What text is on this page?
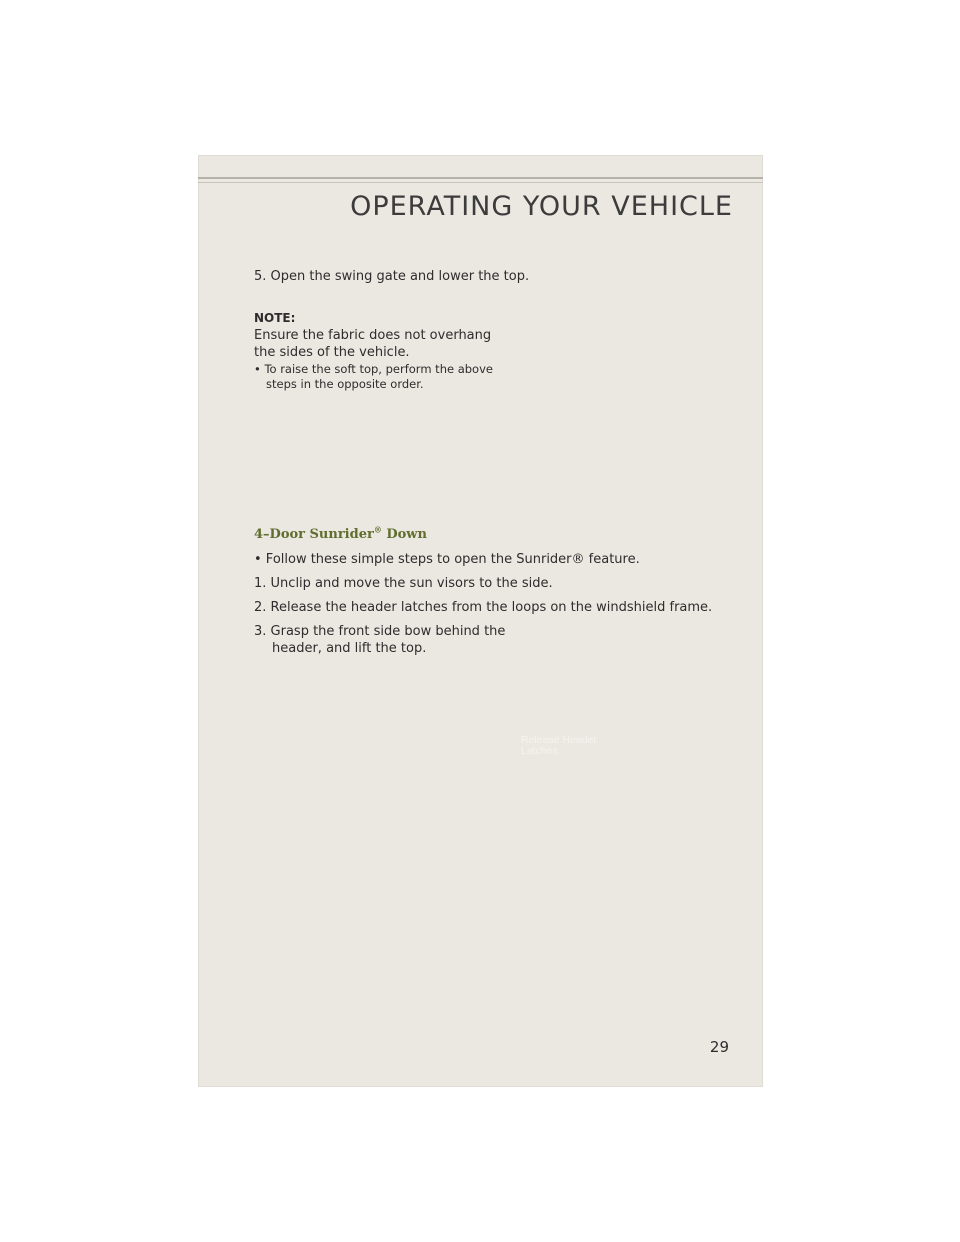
OPERATING YOUR VEHICLE
5. Open the swing gate and lower the top.
NOTE:
Ensure the fabric does not overhang the sides of the vehicle.
• To raise the soft top, perform the above
steps in the opposite order.
4–Door Sunrider® Down
• Follow these simple steps to open the Sunrider® feature.
1. Unclip and move the sun visors to the side.
2. Release the header latches from the loops on the windshield frame.
3. Grasp the front side bow behind the
header, and lift the top.
Release Header
Latches
29
